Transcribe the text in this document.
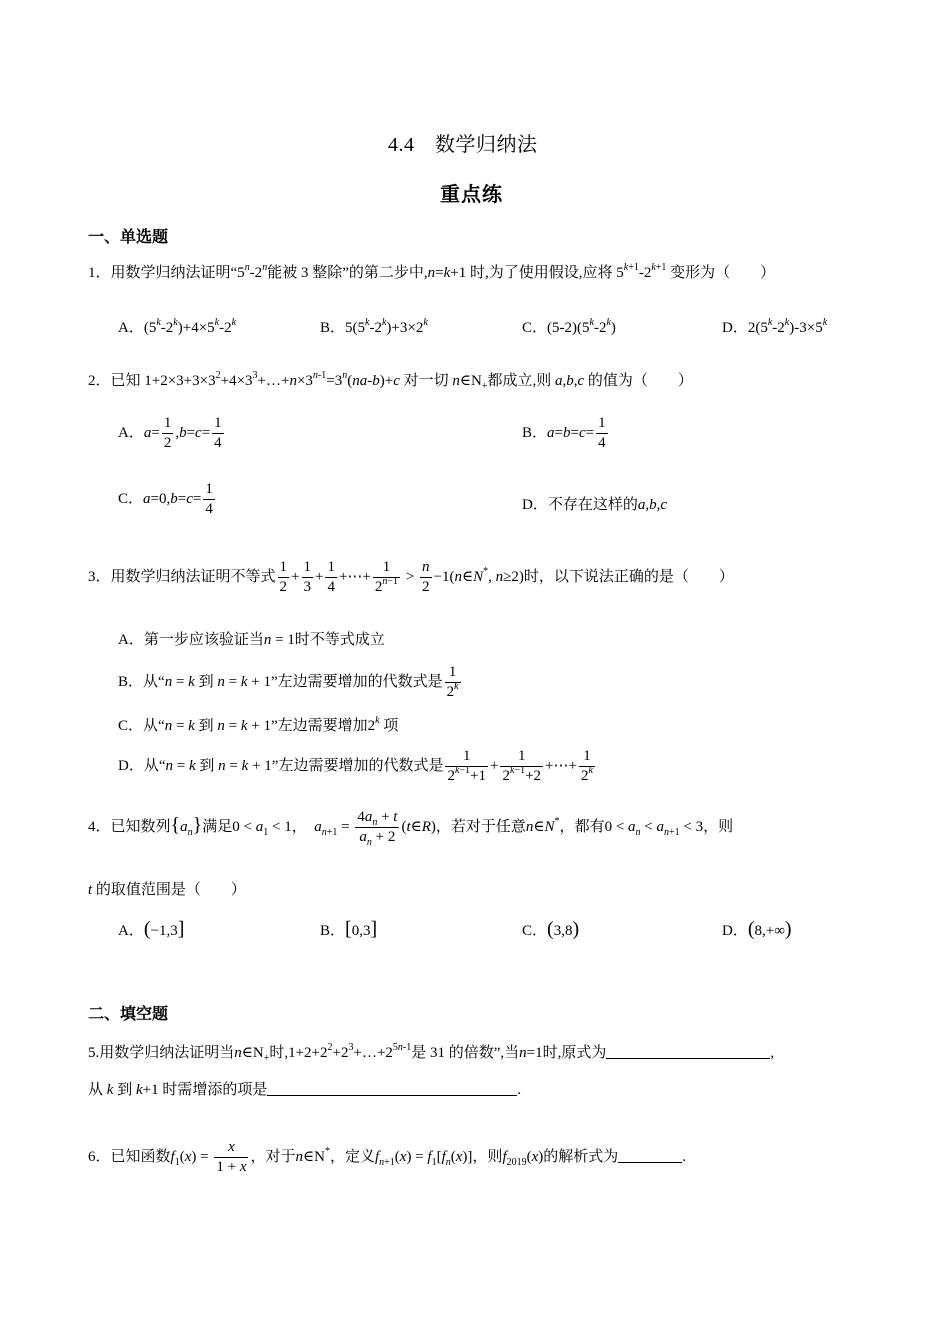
4.4　数学归纳法
重点练
一、单选题
1．用数学归纳法证明“5$^n$-2$^n$能被 3 整除”的第二步中,n=k+1 时,为了使用假设,应将 $5^{k+1}-2^{k+1}$ 变形为（　　）
A．$(5^k-2^k)+4\times 5^k-2^k$	B．$5(5^k-2^k)+3\times 2^k$	C．(5-2)(5$^k$-2$^k$)	D．$2(5^k-2^k)-3\times 5^k$
2．已知 $1+2\times 3+3\times 3^2+4\times 3^3+\dots+n\times 3^{n-1}=3^n(na-b)+c$ 对一切 $n\in N_+$都成立,则 a,b,c 的值为（　　）
A．$a= \frac{1}{2} ,b=c= \frac{1}{4}$	B．$a=b=c= \frac{1}{4}$
C．$a=0,b=c= \frac{1}{4}$	D．不存在这样的a,b,c
3．用数学归纳法证明不等式 $\frac{1}{2} + \frac{1}{3} + \frac{1}{4}$ +⋯+ $\frac{1}{2^{n-1}} > \frac{n}{2}$ −1(n∈N*, n≥2)时，以下说法正确的是（　　）
A．第一步应该验证当n = 1时不等式成立
B．从“n = k 到 n = k + 1”左边需要增加的代数式是 $\frac{1}{2^k}$
C．从“n = k 到 n = k + 1”左边需要增加2$^k$ 项
D．从“n = k 到 n = k + 1”左边需要增加的代数式是 $\frac{1}{2^{k-1}+1} + \frac{1}{2^{k-1}+2}$ +⋯+ $\frac{1}{2^k}$
4．已知数列$\{a_n\}$满足$0 < a_1 < 1$，  $a_{n+1} = \frac{4a_n + t}{a_n + 2}$ (t∈R)，若对于任意n∈N*，都有$0 < a_n < a_{n+1} < 3$，则
t 的取值范围是（　　）
A．(−1,3]	B．[0,3]	C．(3,8)	D．(8,+∞)
二、填空题
5.用数学归纳法证明当$n\in N_+$时$,1+2+2^2+2^3+\dots+2^{5n-1}$是 31 的倍数”,当n=1时,原式为	,
从 k 到 k+1 时需增添的项是	.
6．已知函数$f_1(x) = \frac{x}{1 + x}$ ，对于n∈N*，定义$f_{n+1}(x) = f_1[f_n(x)]$，则$f_{2019}(x)$的解析式为	.
